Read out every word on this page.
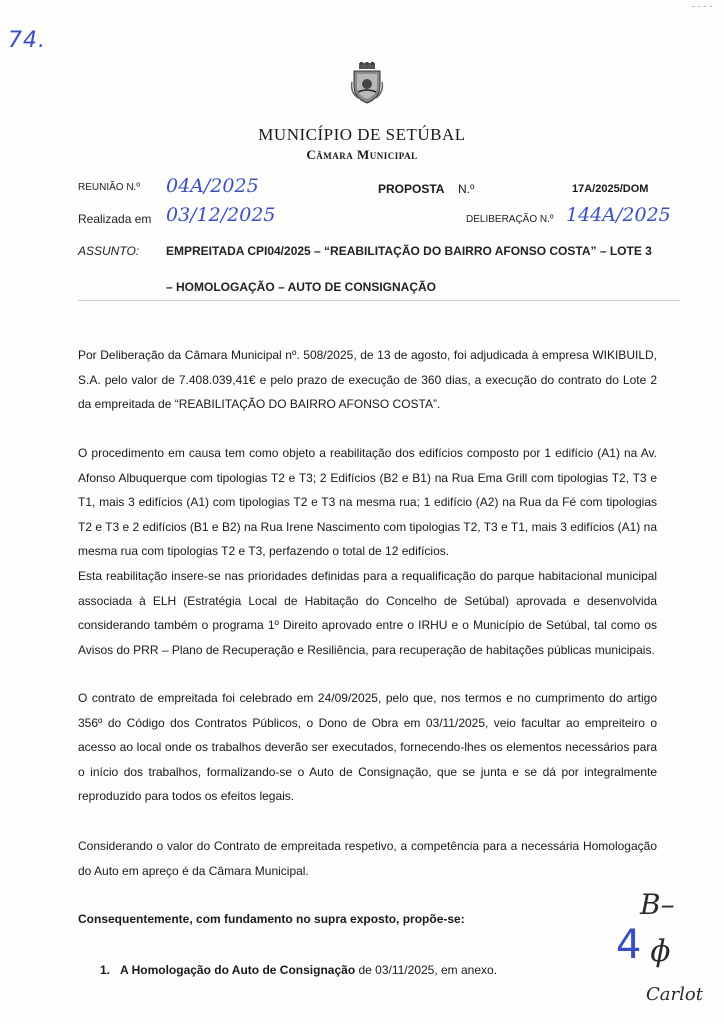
74.
MUNICÍPIO DE SETÚBAL
Câmara Municipal
REUNIÃO N.º 04A/2025	PROPOSTA N.º	17A/2025/DOM
Realizada em 03/12/2025	DELIBERAÇÃO N.º 144A/2025
ASSUNTO: EMPREITADA CPI04/2025 – “REABILITAÇÃO DO BAIRRO AFONSO COSTA” – LOTE 3
– HOMOLOGAÇÃO – AUTO DE CONSIGNAÇÃO
Por Deliberação da Câmara Municipal nº. 508/2025, de 13 de agosto, foi adjudicada à empresa WIKIBUILD, S.A. pelo valor de 7.408.039,41€ e pelo prazo de execução de 360 dias, a execução do contrato do Lote 2 da empreitada de “REABILITAÇÃO DO BAIRRO AFONSO COSTA”.
O procedimento em causa tem como objeto a reabilitação dos edifícios composto por 1 edifício (A1) na Av. Afonso Albuquerque com tipologias T2 e T3; 2 Edifícios (B2 e B1) na Rua Ema Grill com tipologias T2, T3 e T1, mais 3 edifícios (A1) com tipologias T2 e T3 na mesma rua; 1 edifício (A2) na Rua da Fé com tipologias T2 e T3 e 2 edifícios (B1 e B2) na Rua Irene Nascimento com tipologias T2, T3 e T1, mais 3 edifícios (A1) na mesma rua com tipologias T2 e T3, perfazendo o total de 12 edifícios.
Esta reabilitação insere-se nas prioridades definidas para a requalificação do parque habitacional municipal associada à ELH (Estratégia Local de Habitação do Concelho de Setúbal) aprovada e desenvolvida considerando também o programa 1º Direito aprovado entre o IRHU e o Município de Setúbal, tal como os Avisos do PRR – Plano de Recuperação e Resiliência, para recuperação de habitações públicas municipais.
O contrato de empreitada foi celebrado em 24/09/2025, pelo que, nos termos e no cumprimento do artigo 356º do Código dos Contratos Públicos, o Dono de Obra em 03/11/2025, veio facultar ao empreiteiro o acesso ao local onde os trabalhos deverão ser executados, fornecendo-lhes os elementos necessários para o início dos trabalhos, formalizando-se o Auto de Consignação, que se junta e se dá por integralmente reproduzido para todos os efeitos legais.
Considerando o valor do Contrato de empreitada respetivo, a competência para a necessária Homologação do Auto em apreço é da Câmara Municipal.
Consequentemente, com fundamento no supra exposto, propõe-se:
1. A Homologação do Auto de Consignação de 03/11/2025, em anexo.
B–
4 ɸ
Carlot
